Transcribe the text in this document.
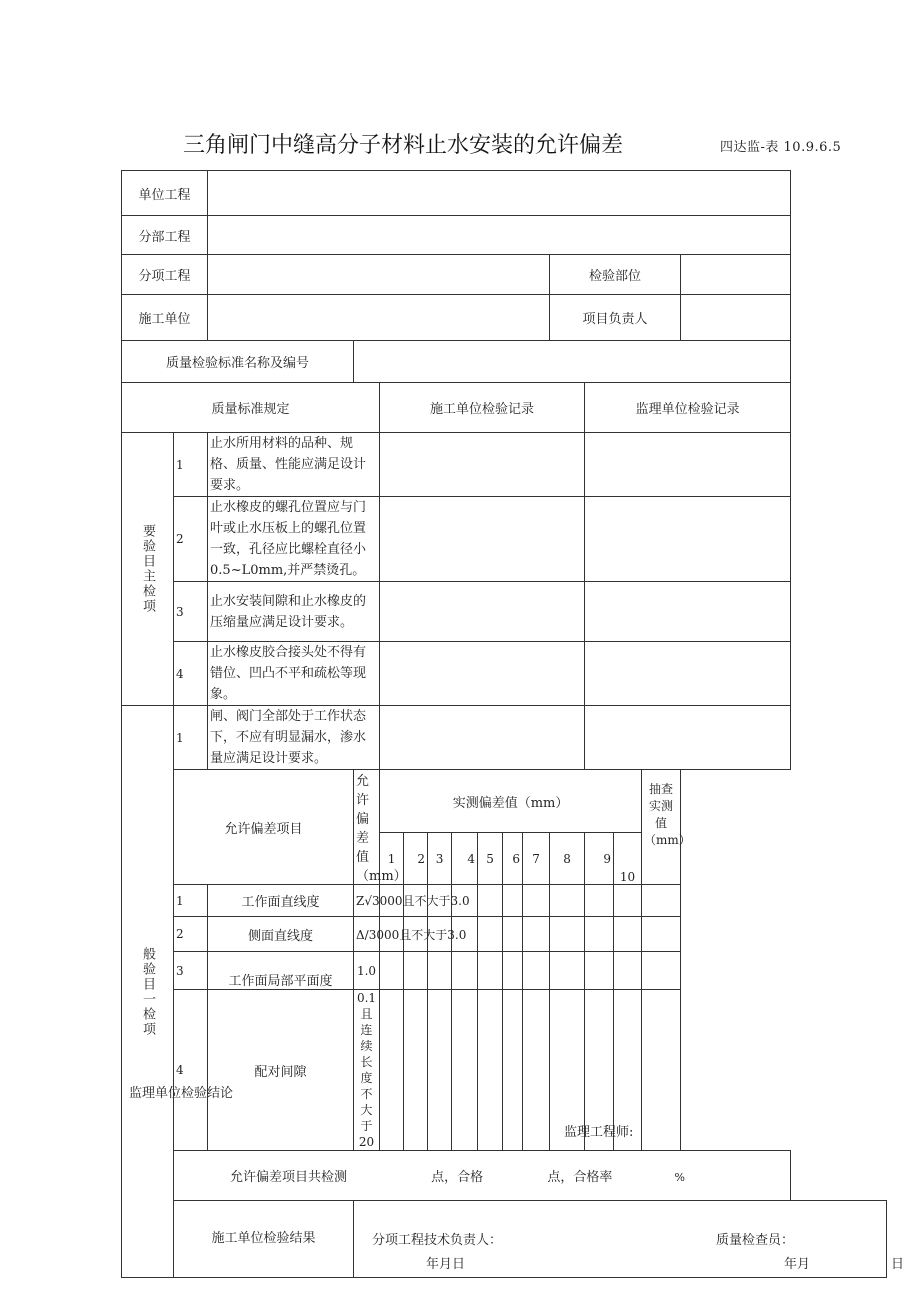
三角闸门中缝高分子材料止水安装的允许偏差	四达监-表 10.9.6.5
单位工程															
分部工程															
分项工程											检验部位				
施工单位											项目负责人				
质量检验标准名称及编号															
质量标准规定				施工单位检验记录								监理单位检验记录			

要验目主检项	1	止水所用材料的品种、规格、质量、性能应满足设计要求。													
	2	止水橡皮的螺孔位置应与门叶或止水压板上的螺孔位置一致，孔径应比螺栓直径小0.5~L0mm,并严禁烫孔。													
	3	止水安装间隙和止水橡皮的压缩量应满足设计要求。													
	4	止水橡皮胶合接头处不得有错位、凹凸不平和疏松等现象。													

般验目一检项	1	闸、阀门全部处于工作状态下，不应有明显漏水，渗水量应满足设计要求。													
	允许偏差项目		允许偏差值（mm）	实测偏差值（mm）										抽查实测值（mm）	
				1	2	3	4	5	6	7	8	9	10		
	1	工作面直线度	Z√3000且不大于3.0												
	2	侧面直线度	Δ/3000且不大于3.0												
	3	工作面局部平面度	1.0												
	4	配对间隙	0.1且连续长度不大于20												
	允许偏差项目共检测 点，合格 点，合格率 %														
	施工单位检验结果		分项工程技术负责人：
年月日
质量检查员：
年月 日												
监理单位检验结论
监理工程师:
